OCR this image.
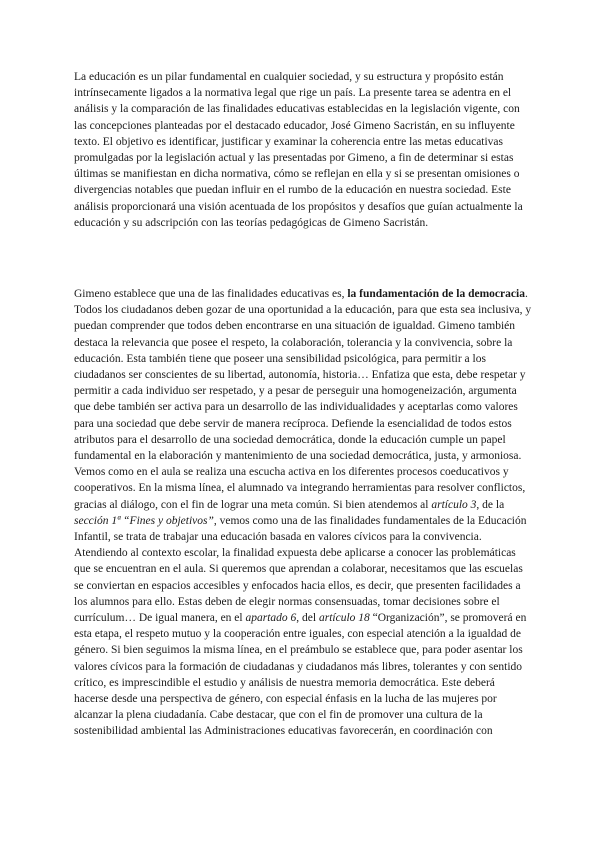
La educación es un pilar fundamental en cualquier sociedad, y su estructura y propósito están intrínsecamente ligados a la normativa legal que rige un país. La presente tarea se adentra en el análisis y la comparación de las finalidades educativas establecidas en la legislación vigente, con las concepciones planteadas por el destacado educador, José Gimeno Sacristán, en su influyente texto. El objetivo es identificar, justificar y examinar la coherencia entre las metas educativas promulgadas por la legislación actual y las presentadas por Gimeno, a fin de determinar si estas últimas se manifiestan en dicha normativa, cómo se reflejan en ella y si se presentan omisiones o divergencias notables que puedan influir en el rumbo de la educación en nuestra sociedad. Este análisis proporcionará una visión acentuada de los propósitos y desafíos que guían actualmente la educación y su adscripción con las teorías pedagógicas de Gimeno Sacristán.

Gimeno establece que una de las finalidades educativas es, la fundamentación de la democracia. Todos los ciudadanos deben gozar de una oportunidad a la educación, para que esta sea inclusiva, y puedan comprender que todos deben encontrarse en una situación de igualdad. Gimeno también destaca la relevancia que posee el respeto, la colaboración, tolerancia y la convivencia, sobre la educación. Esta también tiene que poseer una sensibilidad psicológica, para permitir a los ciudadanos ser conscientes de su libertad, autonomía, historia… Enfatiza que esta, debe respetar y permitir a cada individuo ser respetado, y a pesar de perseguir una homogeneización, argumenta que debe también ser activa para un desarrollo de las individualidades y aceptarlas como valores para una sociedad que debe servir de manera recíproca. Defiende la esencialidad de todos estos atributos para el desarrollo de una sociedad democrática, donde la educación cumple un papel fundamental en la elaboración y mantenimiento de una sociedad democrática, justa, y armoniosa. Vemos como en el aula se realiza una escucha activa en los diferentes procesos coeducativos y cooperativos. En la misma línea, el alumnado va integrando herramientas para resolver conflictos, gracias al diálogo, con el fin de lograr una meta común. Si bien atendemos al artículo 3, de la sección 1ª “Fines y objetivos”, vemos como una de las finalidades fundamentales de la Educación Infantil, se trata de trabajar una educación basada en valores cívicos para la convivencia. Atendiendo al contexto escolar, la finalidad expuesta debe aplicarse a conocer las problemáticas que se encuentran en el aula. Si queremos que aprendan a colaborar, necesitamos que las escuelas se conviertan en espacios accesibles y enfocados hacia ellos, es decir, que presenten facilidades a los alumnos para ello. Estas deben de elegir normas consensuadas, tomar decisiones sobre el currículum… De igual manera, en el apartado 6, del artículo 18 “Organización”, se promoverá en esta etapa, el respeto mutuo y la cooperación entre iguales, con especial atención a la igualdad de género. Si bien seguimos la misma línea, en el preámbulo se establece que, para poder asentar los valores cívicos para la formación de ciudadanas y ciudadanos más libres, tolerantes y con sentido crítico, es imprescindible el estudio y análisis de nuestra memoria democrática. Este deberá hacerse desde una perspectiva de género, con especial énfasis en la lucha de las mujeres por alcanzar la plena ciudadanía. Cabe destacar, que con el fin de promover una cultura de la sostenibilidad ambiental las Administraciones educativas favorecerán, en coordinación con
